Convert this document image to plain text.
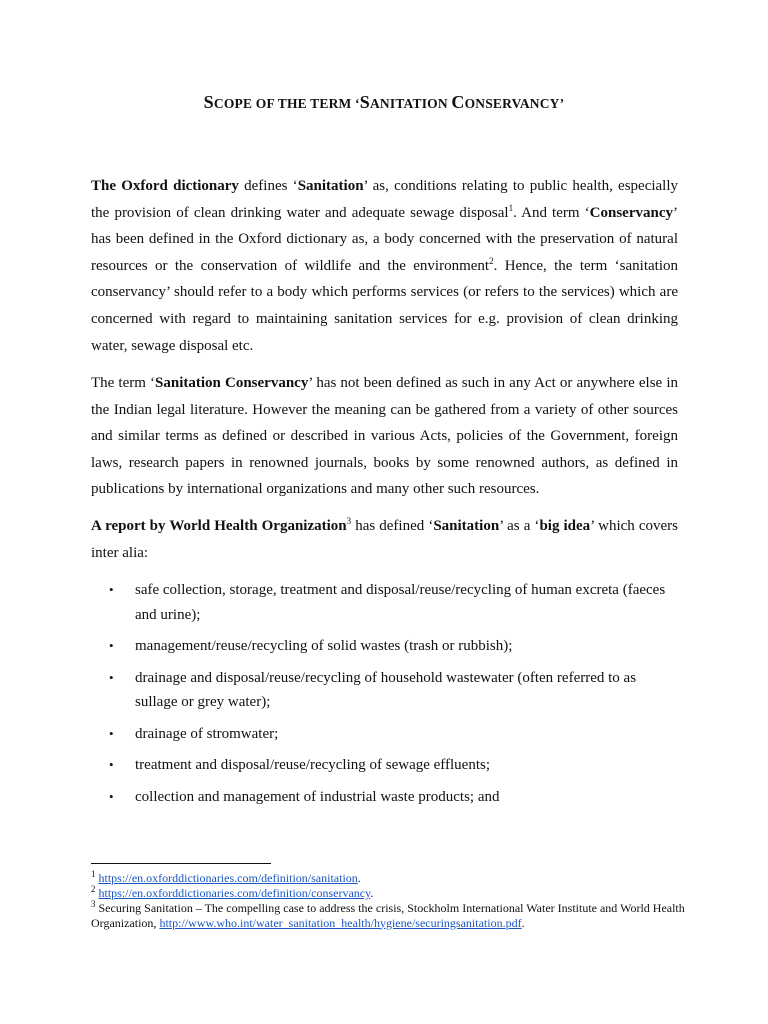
SCOPE OF THE TERM ‘SANITATION CONSERVANCY’
The Oxford dictionary defines ‘Sanitation’ as, conditions relating to public health, especially the provision of clean drinking water and adequate sewage disposal$^1$. And term ‘Conservancy’ has been defined in the Oxford dictionary as, a body concerned with the preservation of natural resources or the conservation of wildlife and the environment$^2$. Hence, the term ‘sanitation conservancy’ should refer to a body which performs services (or refers to the services) which are concerned with regard to maintaining sanitation services for e.g. provision of clean drinking water, sewage disposal etc.
The term ‘Sanitation Conservancy’ has not been defined as such in any Act or anywhere else in the Indian legal literature. However the meaning can be gathered from a variety of other sources and similar terms as defined or described in various Acts, policies of the Government, foreign laws, research papers in renowned journals, books by some renowned authors, as defined in publications by international organizations and many other such resources.
A report by World Health Organization$^3$ has defined ‘Sanitation’ as a ‘big idea’ which covers inter alia:
• safe collection, storage, treatment and disposal/reuse/recycling of human excreta (faeces and urine);
• management/reuse/recycling of solid wastes (trash or rubbish);
• drainage and disposal/reuse/recycling of household wastewater (often referred to as sullage or grey water);
• drainage of stromwater;
• treatment and disposal/reuse/recycling of sewage effluents;
• collection and management of industrial waste products; and
$^1$ https://en.oxforddictionaries.com/definition/sanitation.
$^2$ https://en.oxforddictionaries.com/definition/conservancy.
$^3$ Securing Sanitation – The compelling case to address the crisis, Stockholm International Water Institute and World Health Organization, http://www.who.int/water_sanitation_health/hygiene/securingsanitation.pdf.
